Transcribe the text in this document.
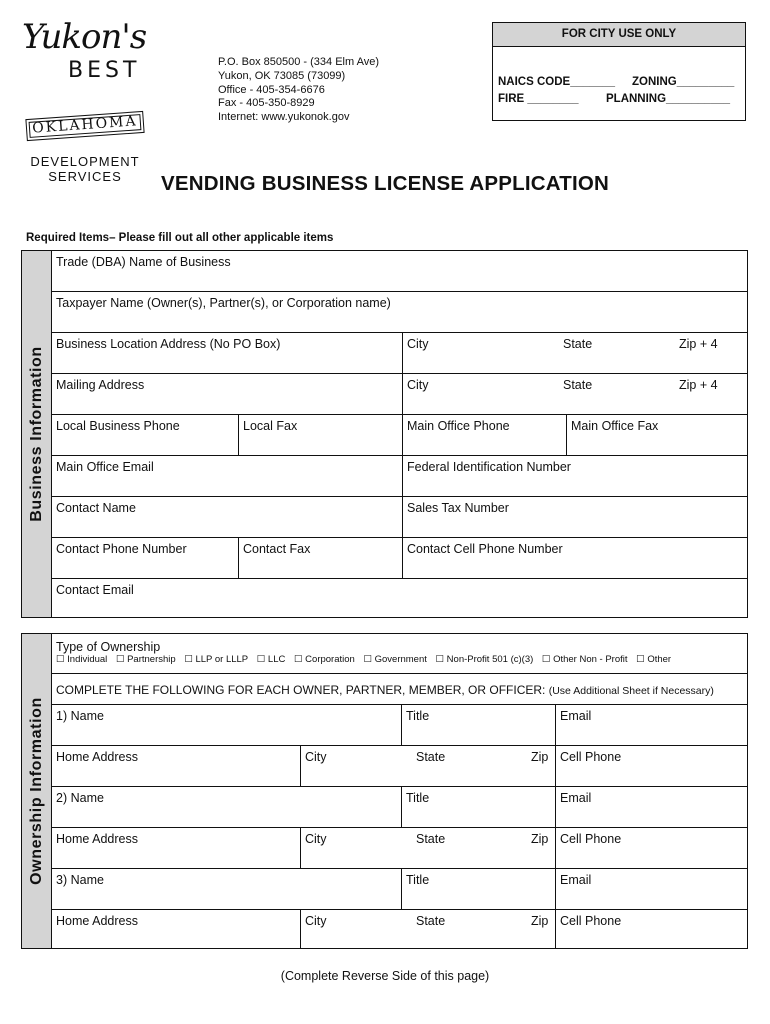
Yukon's
BEST
OKLAHOMA
DEVELOPMENT
SERVICES
P.O. Box 850500 - (334 Elm Ave)
Yukon, OK 73085 (73099)
Office - 405-354-6676
Fax - 405-350-8929
Internet: www.yukonok.gov
FOR CITY USE ONLY
NAICS CODE_______ ZONING_________
FIRE ________ PLANNING__________
VENDING BUSINESS LICENSE APPLICATION
Required Items– Please fill out all other applicable items
Business Information
Trade (DBA) Name of Business
Taxpayer Name (Owner(s), Partner(s), or Corporation name)
Business Location Address (No PO Box)	City	State	Zip + 4
Mailing Address	City	State	Zip + 4
Local Business Phone	Local Fax	Main Office Phone	Main Office Fax
Main Office Email	Federal Identification Number
Contact Name	Sales Tax Number
Contact Phone Number	Contact Fax	Contact Cell Phone Number
Contact Email
Ownership Information
Type of Ownership
☐ Individual ☐ Partnership ☐ LLP or LLLP ☐ LLC ☐ Corporation ☐ Government ☐ Non-Profit 501 (c)(3) ☐ Other Non - Profit ☐ Other
COMPLETE THE FOLLOWING FOR EACH OWNER, PARTNER, MEMBER, OR OFFICER: (Use Additional Sheet if Necessary)
1) Name	Title	Email
Home Address	City	State	Zip Cell Phone
2) Name	Title	Email
Home Address	City	State	Zip Cell Phone
3) Name	Title	Email
Home Address	City	State	Zip Cell Phone
(Complete Reverse Side of this page)
